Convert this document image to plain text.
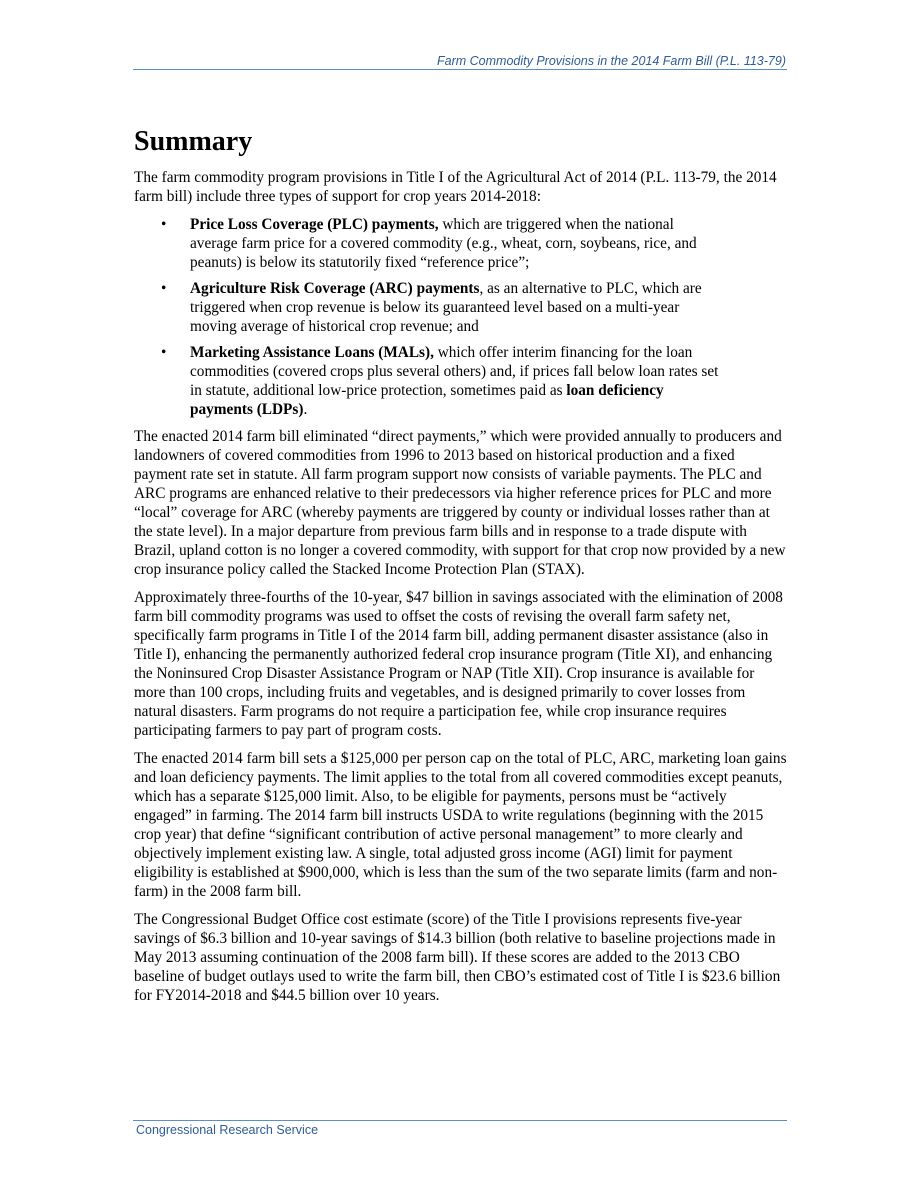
Farm Commodity Provisions in the 2014 Farm Bill (P.L. 113-79)
Summary

The farm commodity program provisions in Title I of the Agricultural Act of 2014 (P.L. 113-79, the 2014 farm bill) include three types of support for crop years 2014-2018:

• Price Loss Coverage (PLC) payments, which are triggered when the national average farm price for a covered commodity (e.g., wheat, corn, soybeans, rice, and peanuts) is below its statutorily fixed “reference price”;
• Agriculture Risk Coverage (ARC) payments, as an alternative to PLC, which are triggered when crop revenue is below its guaranteed level based on a multi-year moving average of historical crop revenue; and
• Marketing Assistance Loans (MALs), which offer interim financing for the loan commodities (covered crops plus several others) and, if prices fall below loan rates set in statute, additional low-price protection, sometimes paid as loan deficiency payments (LDPs).

The enacted 2014 farm bill eliminated “direct payments,” which were provided annually to producers and landowners of covered commodities from 1996 to 2013 based on historical production and a fixed payment rate set in statute. All farm program support now consists of variable payments. The PLC and ARC programs are enhanced relative to their predecessors via higher reference prices for PLC and more “local” coverage for ARC (whereby payments are triggered by county or individual losses rather than at the state level). In a major departure from previous farm bills and in response to a trade dispute with Brazil, upland cotton is no longer a covered commodity, with support for that crop now provided by a new crop insurance policy called the Stacked Income Protection Plan (STAX).

Approximately three-fourths of the 10-year, $47 billion in savings associated with the elimination of 2008 farm bill commodity programs was used to offset the costs of revising the overall farm safety net, specifically farm programs in Title I of the 2014 farm bill, adding permanent disaster assistance (also in Title I), enhancing the permanently authorized federal crop insurance program (Title XI), and enhancing the Noninsured Crop Disaster Assistance Program or NAP (Title XII). Crop insurance is available for more than 100 crops, including fruits and vegetables, and is designed primarily to cover losses from natural disasters. Farm programs do not require a participation fee, while crop insurance requires participating farmers to pay part of program costs.

The enacted 2014 farm bill sets a $125,000 per person cap on the total of PLC, ARC, marketing loan gains and loan deficiency payments. The limit applies to the total from all covered commodities except peanuts, which has a separate $125,000 limit. Also, to be eligible for payments, persons must be “actively engaged” in farming. The 2014 farm bill instructs USDA to write regulations (beginning with the 2015 crop year) that define “significant contribution of active personal management” to more clearly and objectively implement existing law. A single, total adjusted gross income (AGI) limit for payment eligibility is established at $900,000, which is less than the sum of the two separate limits (farm and non-farm) in the 2008 farm bill.

The Congressional Budget Office cost estimate (score) of the Title I provisions represents five-year savings of $6.3 billion and 10-year savings of $14.3 billion (both relative to baseline projections made in May 2013 assuming continuation of the 2008 farm bill). If these scores are added to the 2013 CBO baseline of budget outlays used to write the farm bill, then CBO’s estimated cost of Title I is $23.6 billion for FY2014-2018 and $44.5 billion over 10 years.

Congressional Research Service
